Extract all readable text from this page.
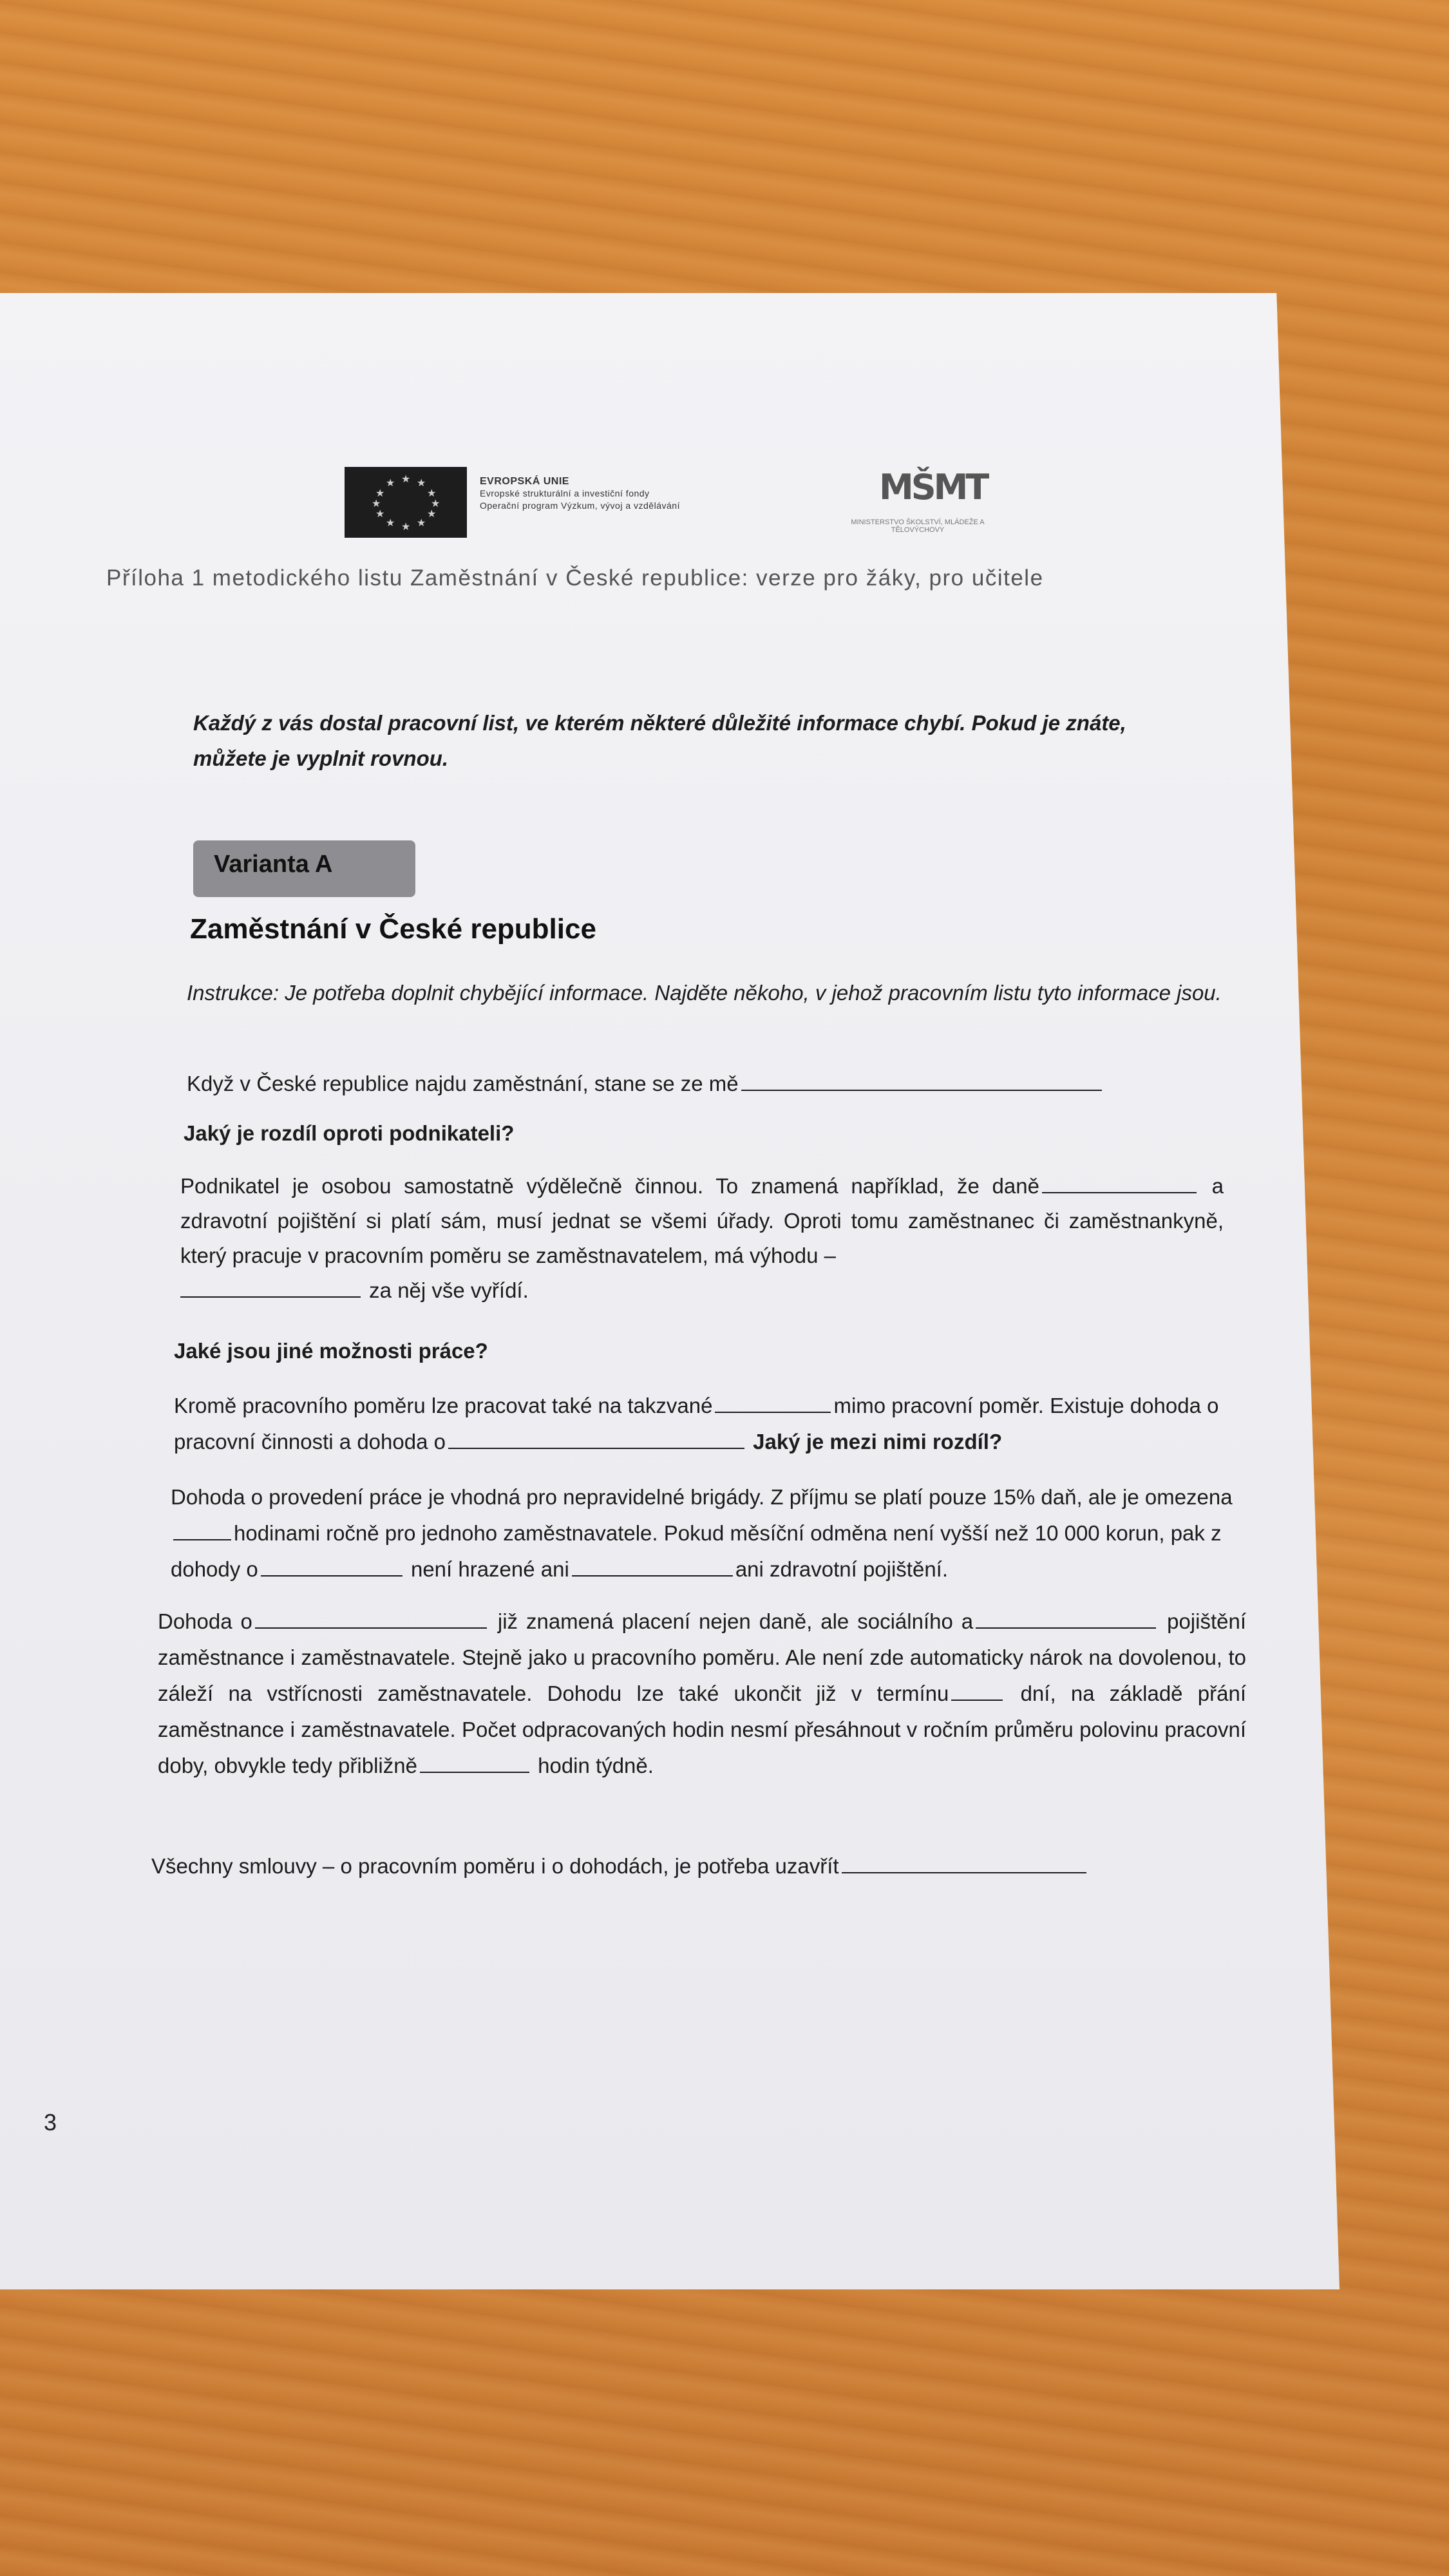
★ ★
★
★
★
★
★
★
★
★
★
★	EVROPSKÁ UNIE
Evropské strukturální a investiční fondy
Operační program Výzkum, vývoj a vzdělávání	MŠMT
MINISTERSTVO ŠKOLSTVÍ, MLÁDEŽE A TĚLOVÝCHOVY
Příloha 1 metodického listu Zaměstnání v České republice: verze pro žáky, pro učitele
Každý z vás dostal pracovní list, ve kterém některé důležité informace chybí. Pokud je znáte, můžete je vyplnit rovnou.
Varianta A
Zaměstnání v České republice
Instrukce: Je potřeba doplnit chybějící informace. Najděte někoho, v jehož pracovním listu tyto informace jsou.
Když v České republice najdu zaměstnání, stane se ze mě
Jaký je rozdíl oproti podnikateli?
Podnikatel je osobou samostatně výdělečně činnou. To znamená například, že daně	a zdravotní pojištění si platí sám, musí jednat se všemi úřady. Oproti tomu zaměstnanec či zaměstnankyně, který pracuje v pracovním poměru se zaměstnavatelem, má výhodu –
za něj vše vyřídí.
Jaké jsou jiné možnosti práce?
Kromě pracovního poměru lze pracovat také na takzvané	mimo pracovní poměr. Existuje dohoda o pracovní činnosti a dohoda o	Jaký je mezi nimi rozdíl?
Dohoda o provedení práce je vhodná pro nepravidelné brigády. Z příjmu se platí pouze 15% daň, ale je omezenahodinami ročně pro jednoho zaměstnavatele. Pokud měsíční odměna není vyšší než 10 000 korun, pak z dohody o	není hrazené ani	ani zdravotní pojištění.
Dohoda o	již znamená placení nejen daně, ale sociálního a	pojištění zaměstnance i zaměstnavatele. Stejně jako u pracovního poměru. Ale není zde automaticky nárok na dovolenou, to záleží na vstřícnosti zaměstnavatele. Dohodu lze také ukončit již v termínu	dní, na základě přání zaměstnance i zaměstnavatele. Počet odpracovaných hodin nesmí přesáhnout v ročním průměru polovinu pracovní doby, obvykle tedy přibližně	hodin týdně.
Všechny smlouvy – o pracovním poměru i o dohodách, je potřeba uzavřít
3
